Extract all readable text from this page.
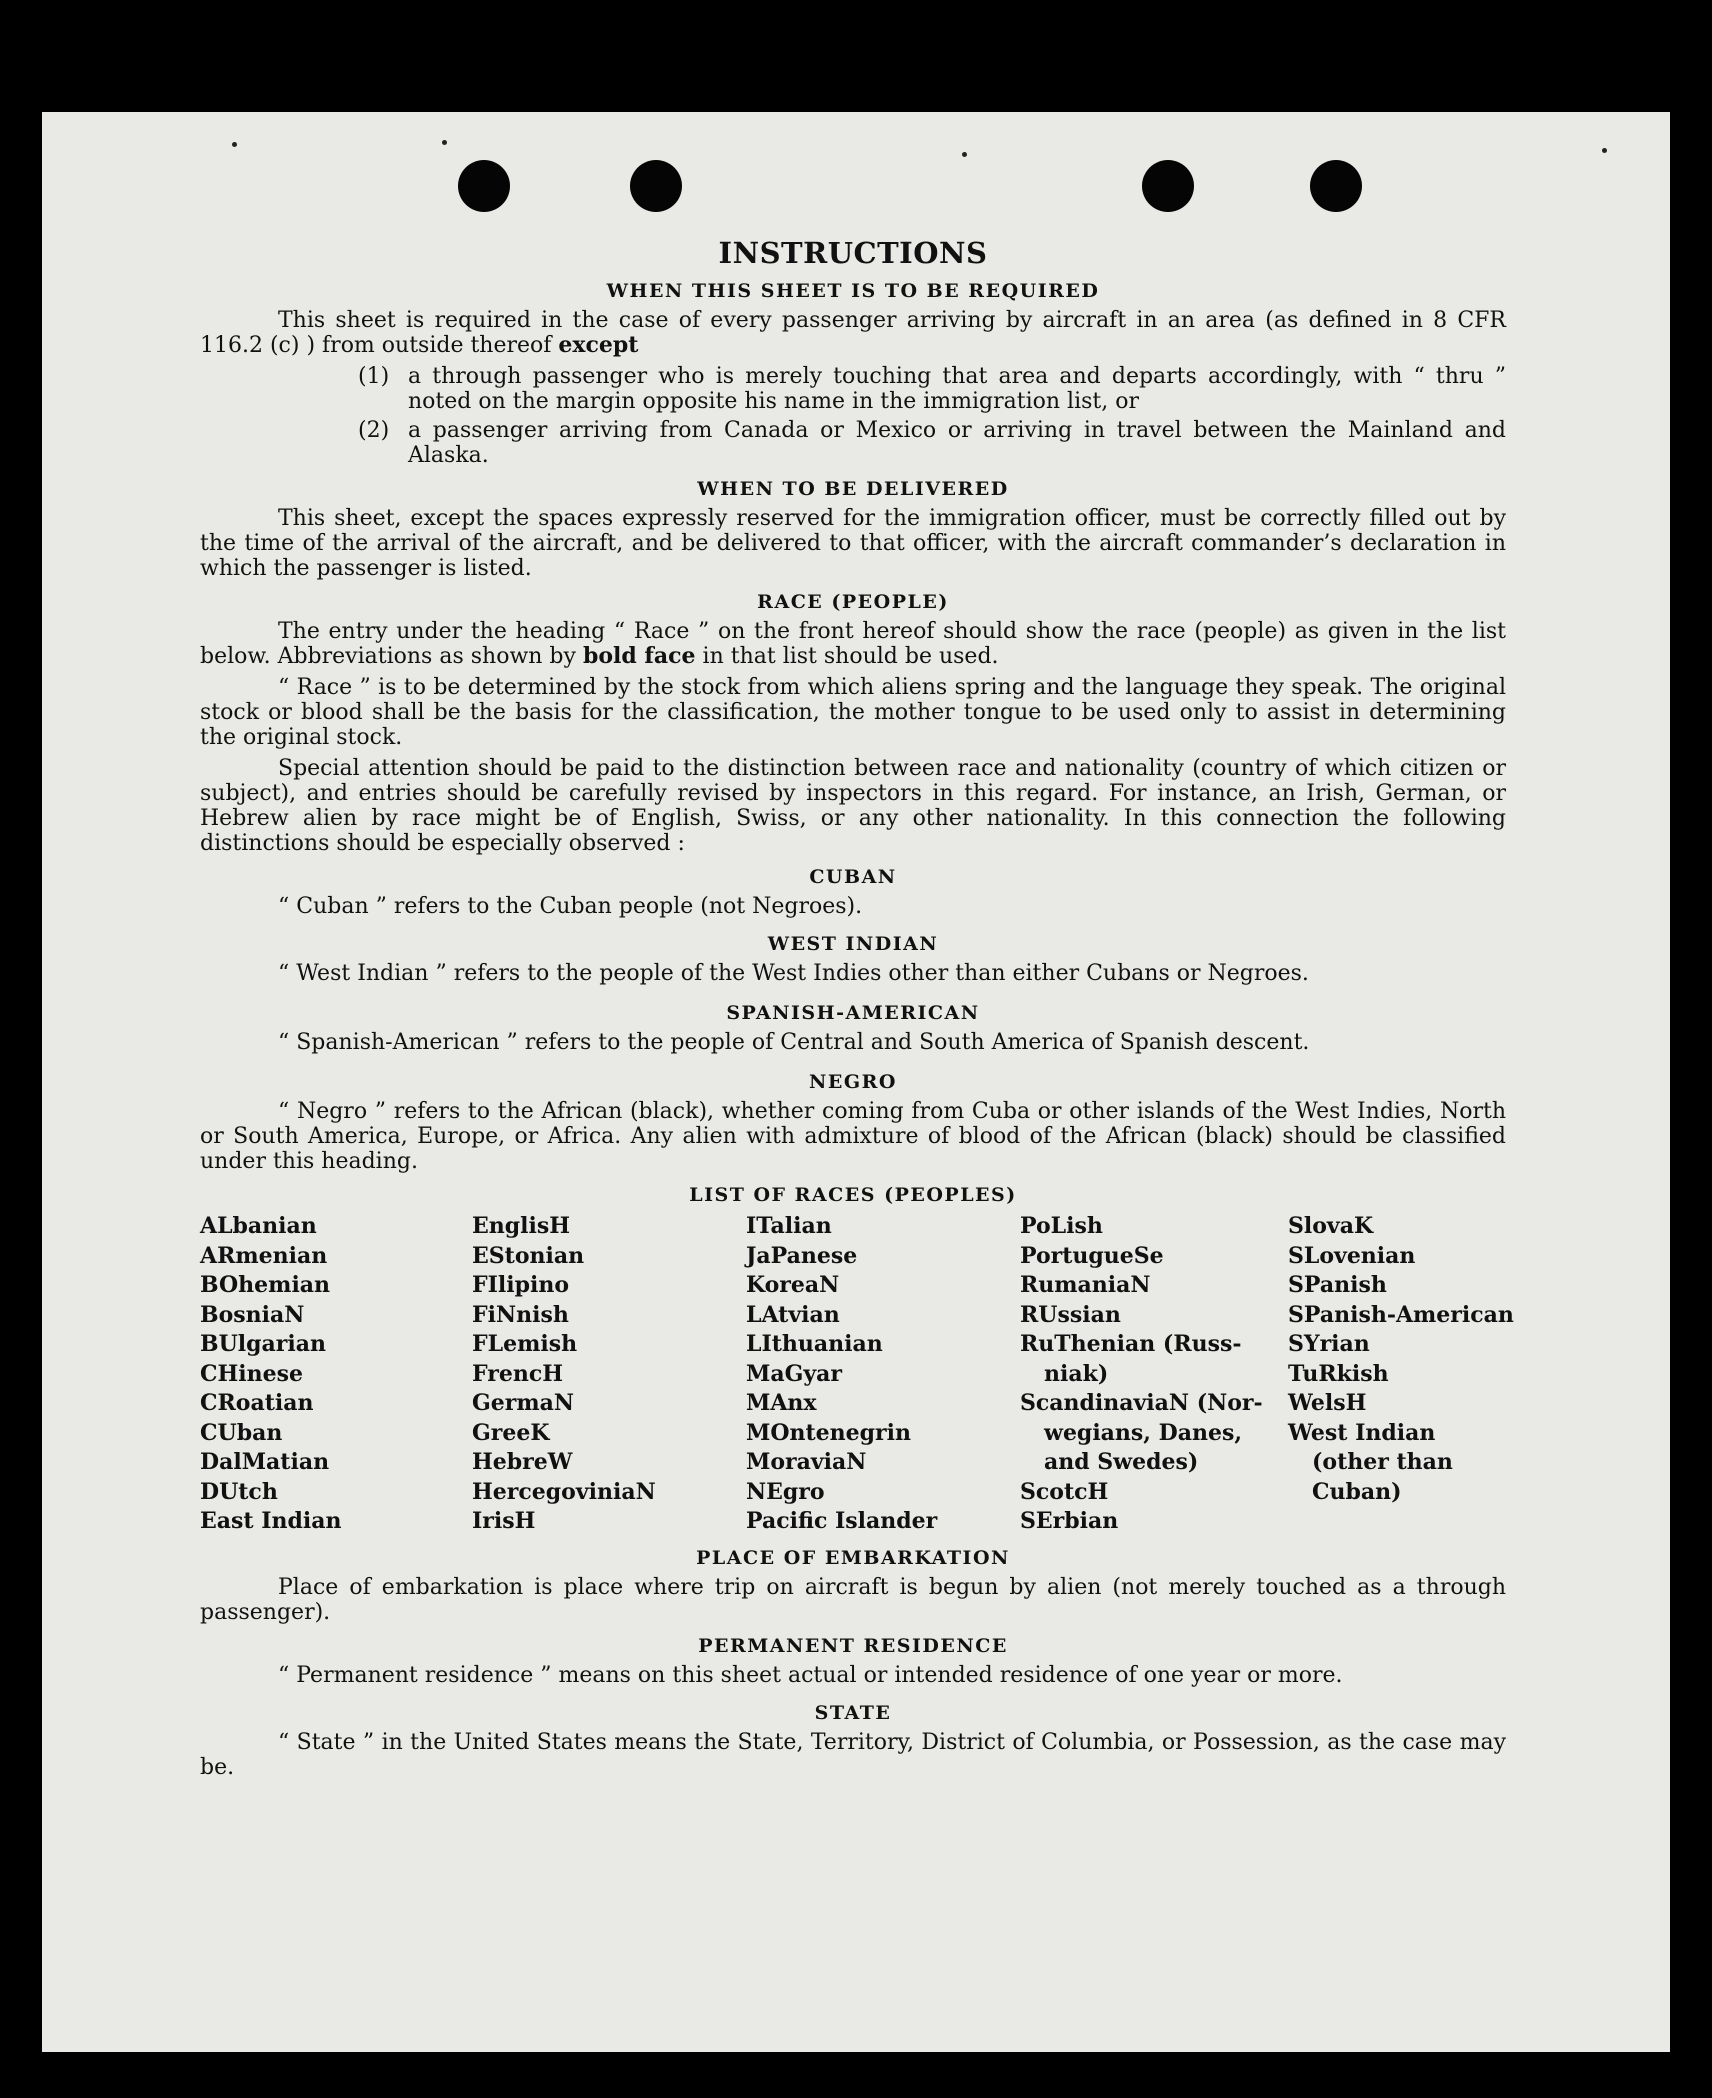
INSTRUCTIONS
WHEN THIS SHEET IS TO BE REQUIRED

This sheet is required in the case of every passenger arriving by aircraft in an area (as defined in 8 CFR 116.2 (c) ) from outside thereof except

(1) a through passenger who is merely touching that area and departs accordingly, with “ thru ” noted on the margin opposite his name in the immigration list, or
(2) a passenger arriving from Canada or Mexico or arriving in travel between the Mainland and Alaska.
WHEN TO BE DELIVERED

This sheet, except the spaces expressly reserved for the immigration officer, must be correctly filled out by the time of the arrival of the aircraft, and be delivered to that officer, with the aircraft commander’s declaration in which the passenger is listed.

RACE (PEOPLE)

The entry under the heading “ Race ” on the front hereof should show the race (people) as given in the list below. Abbreviations as shown by bold face in that list should be used.

“ Race ” is to be determined by the stock from which aliens spring and the language they speak. The original stock or blood shall be the basis for the classification, the mother tongue to be used only to assist in determining the original stock.

Special attention should be paid to the distinction between race and nationality (country of which citizen or subject), and entries should be carefully revised by inspectors in this regard. For instance, an Irish, German, or Hebrew alien by race might be of English, Swiss, or any other nationality. In this connection the following distinctions should be especially observed :

CUBAN

“ Cuban ” refers to the Cuban people (not Negroes).

WEST INDIAN

“ West Indian ” refers to the people of the West Indies other than either Cubans or Negroes.

SPANISH-AMERICAN

“ Spanish-American ” refers to the people of Central and South America of Spanish descent.

NEGRO

“ Negro ” refers to the African (black), whether coming from Cuba or other islands of the West Indies, North or South America, Europe, or Africa. Any alien with admixture of blood of the African (black) should be classified under this heading.

LIST OF RACES (PEOPLES)
ALbanian
ARmenian
BOhemian
BosniaN
BUlgarian
CHinese
CRoatian
CUban
DalMatian
DUtch
East Indian
EnglisH
EStonian
FIlipino
FiNnish
FLemish
FrencH
GermaN
GreeK
HebreW
HercegoviniaN
IrisH
ITalian
JaPanese
KoreaN
LAtvian
LIthuanian
MaGyar
MAnx
MOntenegrin
MoraviaN
NEgro
Pacific Islander
PoLish
PortugueSe
RumaniaN
RUssian
RuThenian (Russ-niak)
ScandinaviaN (Nor-wegians, Danes, and Swedes)
ScotcH
SErbian
SlovaK
SLovenian
SPanish
SPanish-American
SYrian
TuRkish
WelsH
West Indian (other than Cuban)
PLACE OF EMBARKATION

Place of embarkation is place where trip on aircraft is begun by alien (not merely touched as a through passenger).

PERMANENT RESIDENCE

“ Permanent residence ” means on this sheet actual or intended residence of one year or more.

STATE

“ State ” in the United States means the State, Territory, District of Columbia, or Possession, as the case may be.
